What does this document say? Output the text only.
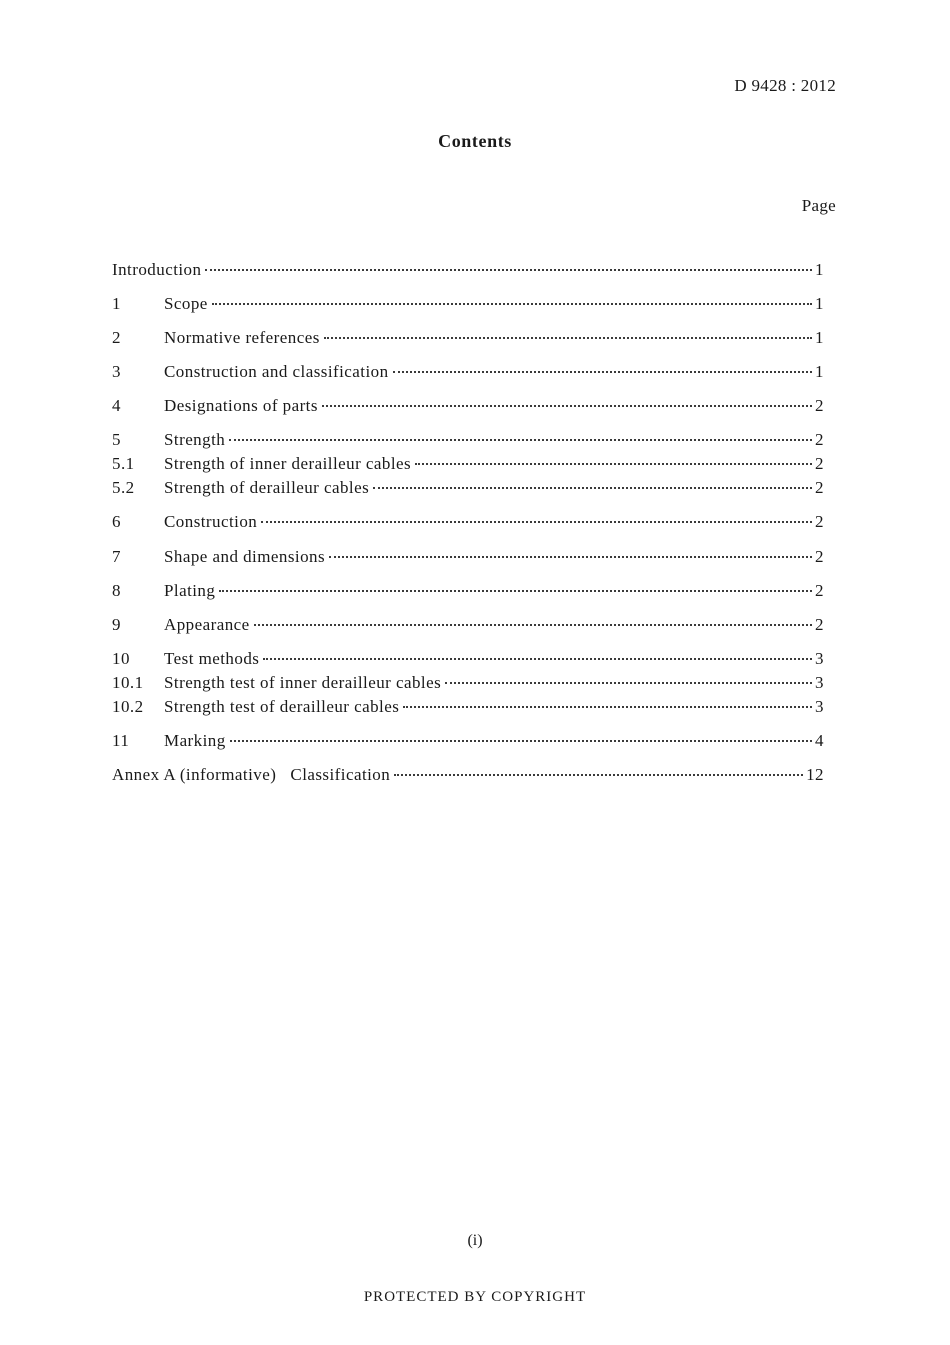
D 9428 : 2012
Contents
Page
Introduction	1
1	Scope	1
2	Normative references	1
3	Construction and classification	1
4	Designations of parts	2
5	Strength	2
5.1	Strength of inner derailleur cables	2
5.2	Strength of derailleur cables	2
6	Construction	2
7	Shape and dimensions	2
8	Plating	2
9	Appearance	2
10	Test methods	3
10.1	Strength test of inner derailleur cables	3
10.2	Strength test of derailleur cables	3
11	Marking	4
Annex A (informative)   Classification	12
(i)
PROTECTED BY COPYRIGHT
